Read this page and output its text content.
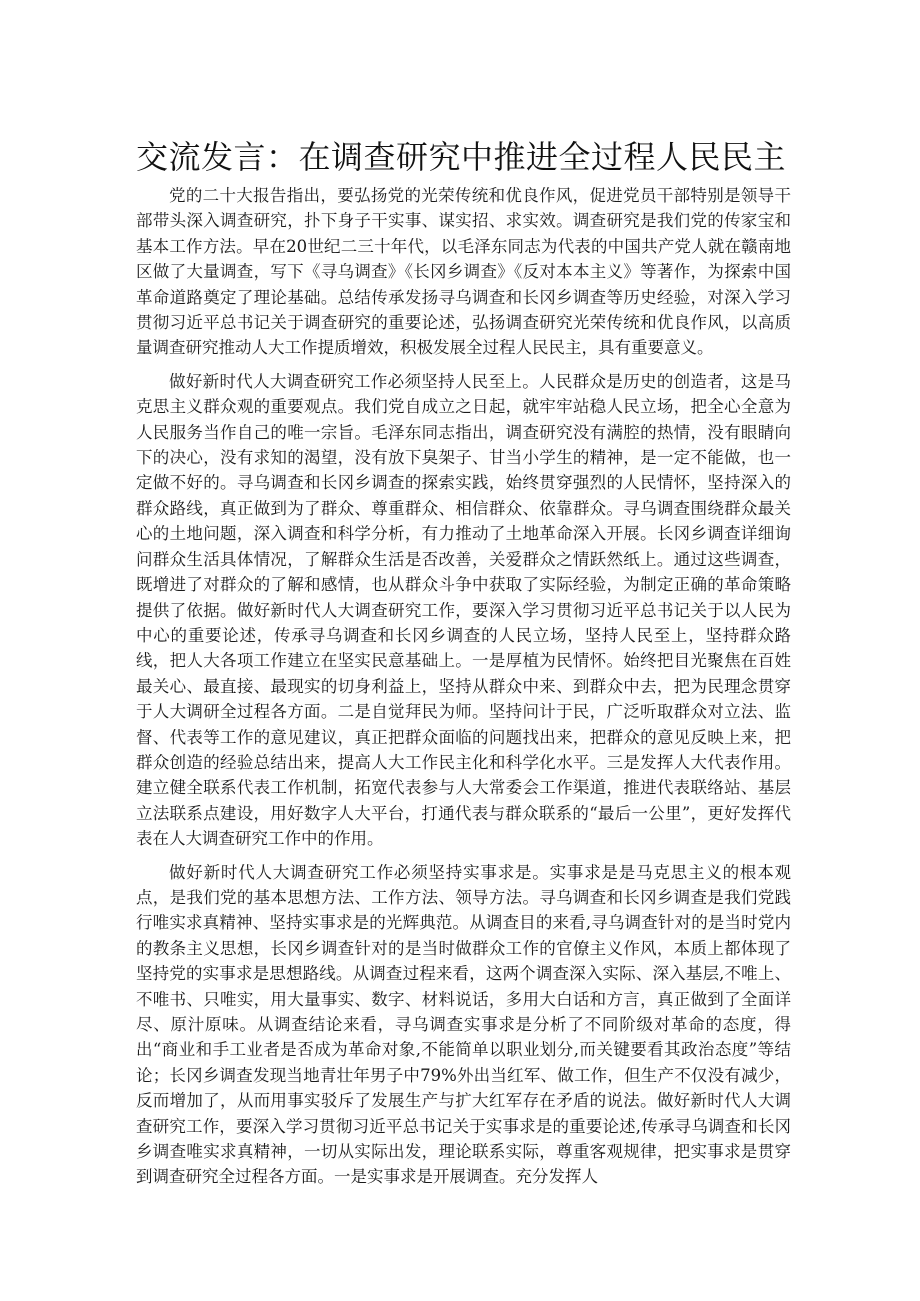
交流发言：在调查研究中推进全过程人民民主

党的二十大报告指出，要弘扬党的光荣传统和优良作风，促进党员干部特别是领导干部带头深入调查研究，扑下身子干实事、谋实招、求实效。调查研究是我们党的传家宝和基本工作方法。早在20世纪二三十年代，以毛泽东同志为代表的中国共产党人就在赣南地区做了大量调查，写下《寻乌调查》《长冈乡调查》《反对本本主义》等著作，为探索中国革命道路奠定了理论基础。总结传承发扬寻乌调查和长冈乡调查等历史经验，对深入学习贯彻习近平总书记关于调查研究的重要论述，弘扬调查研究光荣传统和优良作风，以高质量调查研究推动人大工作提质增效，积极发展全过程人民民主，具有重要意义。

做好新时代人大调查研究工作必须坚持人民至上。人民群众是历史的创造者，这是马克思主义群众观的重要观点。我们党自成立之日起，就牢牢站稳人民立场，把全心全意为人民服务当作自己的唯一宗旨。毛泽东同志指出，调查研究没有满腔的热情，没有眼睛向下的决心，没有求知的渴望，没有放下臭架子、甘当小学生的精神，是一定不能做，也一定做不好的。寻乌调查和长冈乡调查的探索实践，始终贯穿强烈的人民情怀，坚持深入的群众路线，真正做到为了群众、尊重群众、相信群众、依靠群众。寻乌调查围绕群众最关心的土地问题，深入调查和科学分析，有力推动了土地革命深入开展。长冈乡调查详细询问群众生活具体情况，了解群众生活是否改善，关爱群众之情跃然纸上。通过这些调查，既增进了对群众的了解和感情，也从群众斗争中获取了实际经验，为制定正确的革命策略提供了依据。做好新时代人大调查研究工作，要深入学习贯彻习近平总书记关于以人民为中心的重要论述，传承寻乌调查和长冈乡调查的人民立场，坚持人民至上，坚持群众路线，把人大各项工作建立在坚实民意基础上。一是厚植为民情怀。始终把目光聚焦在百姓最关心、最直接、最现实的切身利益上，坚持从群众中来、到群众中去，把为民理念贯穿于人大调研全过程各方面。二是自觉拜民为师。坚持问计于民，广泛听取群众对立法、监督、代表等工作的意见建议，真正把群众面临的问题找出来，把群众的意见反映上来，把群众创造的经验总结出来，提高人大工作民主化和科学化水平。三是发挥人大代表作用。建立健全联系代表工作机制，拓宽代表参与人大常委会工作渠道，推进代表联络站、基层立法联系点建设，用好数字人大平台，打通代表与群众联系的“最后一公里”，更好发挥代表在人大调查研究工作中的作用。

做好新时代人大调查研究工作必须坚持实事求是。实事求是是马克思主义的根本观点，是我们党的基本思想方法、工作方法、领导方法。寻乌调查和长冈乡调查是我们党践行唯实求真精神、坚持实事求是的光辉典范。从调查目的来看,寻乌调查针对的是当时党内的教条主义思想，长冈乡调查针对的是当时做群众工作的官僚主义作风，本质上都体现了坚持党的实事求是思想路线。从调查过程来看，这两个调查深入实际、深入基层,不唯上、不唯书、只唯实，用大量事实、数字、材料说话，多用大白话和方言，真正做到了全面详尽、原汁原味。从调查结论来看，寻乌调查实事求是分析了不同阶级对革命的态度，得出“商业和手工业者是否成为革命对象,不能简单以职业划分,而关键要看其政治态度”等结论；长冈乡调查发现当地青壮年男子中79%外出当红军、做工作，但生产不仅没有减少，反而增加了，从而用事实驳斥了发展生产与扩大红军存在矛盾的说法。做好新时代人大调查研究工作，要深入学习贯彻习近平总书记关于实事求是的重要论述,传承寻乌调查和长冈乡调查唯实求真精神，一切从实际出发，理论联系实际，尊重客观规律，把实事求是贯穿到调查研究全过程各方面。一是实事求是开展调查。充分发挥人
